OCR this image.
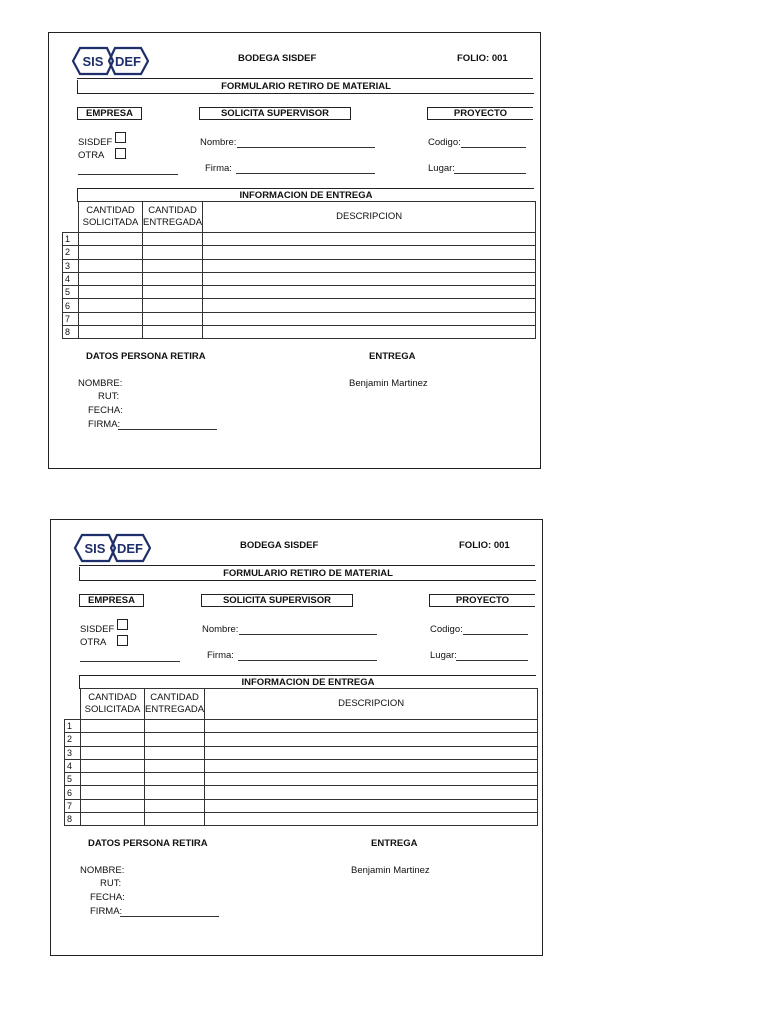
SIS DEF	BODEGA SISDEF	FOLIO: 001
FORMULARIO RETIRO DE MATERIAL
EMPRESA	SOLICITA SUPERVISOR	PROYECTO
SISDEF
OTRA
Nombre:
Firma:
Codigo:
Lugar:
INFORMACION DE ENTREGA
	CANTIDAD SOLICITADA	CANTIDAD ENTREGADA	DESCRIPCION
1			
2			
3			
4			
5			
6			
7			
8			
DATOS PERSONA RETIRA	ENTREGA
NOMBRE:
RUT:
FECHA:
FIRMA:
Benjamin Martinez
SIS DEF	BODEGA SISDEF	FOLIO: 001
FORMULARIO RETIRO DE MATERIAL
EMPRESA	SOLICITA SUPERVISOR	PROYECTO
SISDEF
OTRA
Nombre:
Firma:
Codigo:
Lugar:
INFORMACION DE ENTREGA
	CANTIDAD SOLICITADA	CANTIDAD ENTREGADA	DESCRIPCION
1			
2			
3			
4			
5			
6			
7			
8			
DATOS PERSONA RETIRA	ENTREGA
NOMBRE:
RUT:
FECHA:
FIRMA:
Benjamin Martinez
